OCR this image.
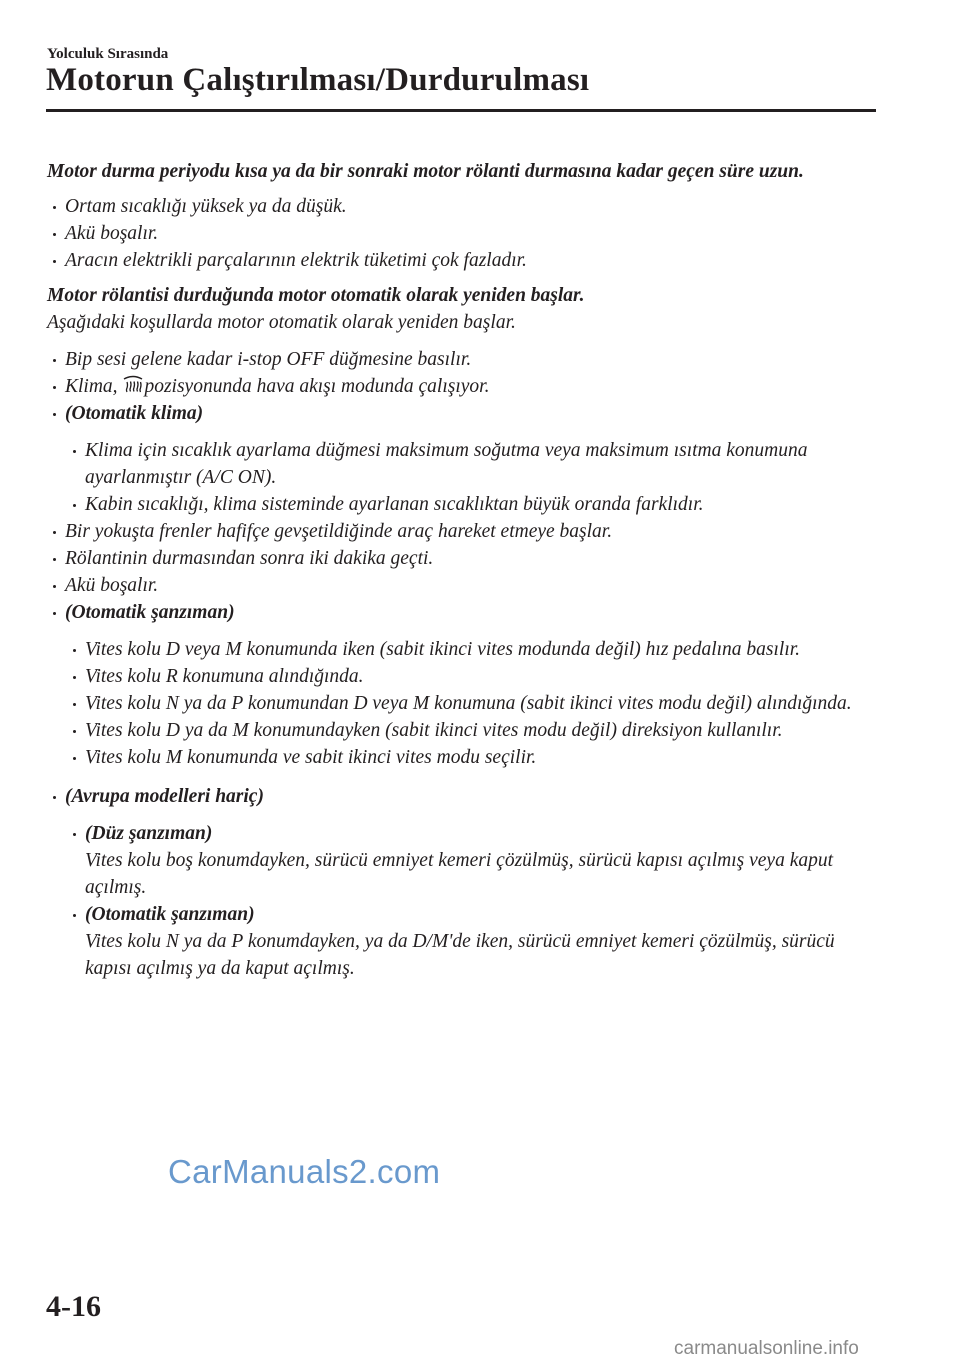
Yolculuk Sırasında
Motorun Çalıştırılması/Durdurulması

Motor durma periyodu kısa ya da bir sonraki motor rölanti durmasına kadar geçen süre uzun.

Ortam sıcaklığı yüksek ya da düşük.
Akü boşalır.
Aracın elektrikli parçalarının elektrik tüketimi çok fazladır.

Motor rölantisi durduğunda motor otomatik olarak yeniden başlar.

Aşağıdaki koşullarda motor otomatik olarak yeniden başlar.

Bip sesi gelene kadar i-stop OFF düğmesine basılır.
Klima, pozisyonunda hava akışı modunda çalışıyor.
(Otomatik klima)
Klima için sıcaklık ayarlama düğmesi maksimum soğutma veya maksimum ısıtma konumuna ayarlanmıştır (A/C ON).
Kabin sıcaklığı, klima sisteminde ayarlanan sıcaklıktan büyük oranda farklıdır.
Bir yokuşta frenler hafifçe gevşetildiğinde araç hareket etmeye başlar.
Rölantinin durmasından sonra iki dakika geçti.
Akü boşalır.
(Otomatik şanzıman)
Vites kolu D veya M konumunda iken (sabit ikinci vites modunda değil) hız pedalına basılır.
Vites kolu R konumuna alındığında.
Vites kolu N ya da P konumundan D veya M konumuna (sabit ikinci vites modu değil) alındığında.
Vites kolu D ya da M konumundayken (sabit ikinci vites modu değil) direksiyon kullanılır.
Vites kolu M konumunda ve sabit ikinci vites modu seçilir.
(Avrupa modelleri hariç)
(Düz şanzıman)
Vites kolu boş konumdayken, sürücü emniyet kemeri çözülmüş, sürücü kapısı açılmış veya kaput açılmış.
(Otomatik şanzıman)
Vites kolu N ya da P konumdayken, ya da D/M'de iken, sürücü emniyet kemeri çözülmüş, sürücü kapısı açılmış ya da kaput açılmış.
CarManuals2.com
4-16
carmanualsonline.info
